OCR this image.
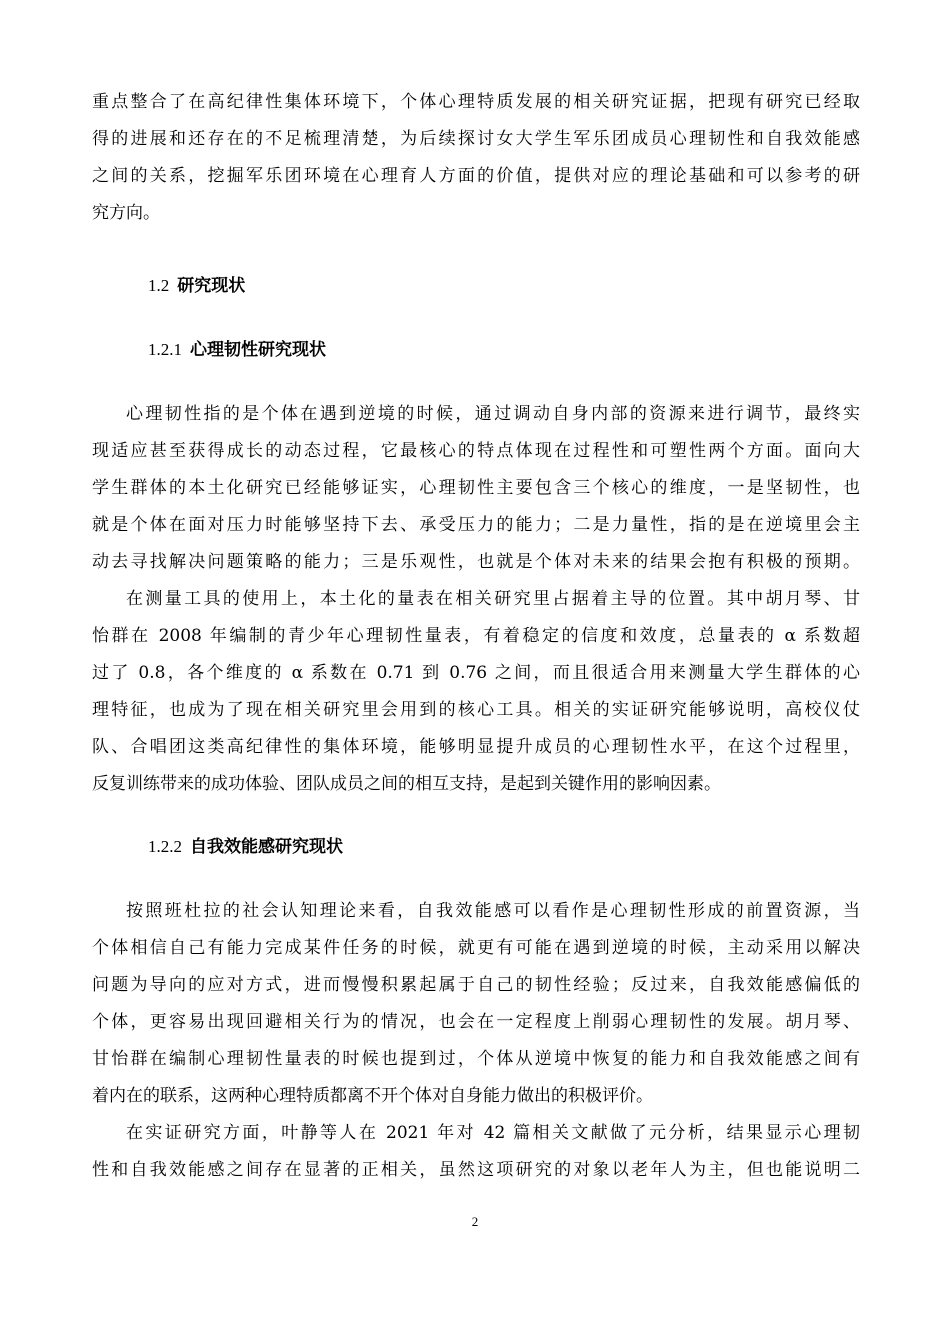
重点整合了在高纪律性集体环境下，个体心理特质发展的相关研究证据，把现有研究已经取
得的进展和还存在的不足梳理清楚，为后续探讨女大学生军乐团成员心理韧性和自我效能感
之间的关系，挖掘军乐团环境在心理育人方面的价值，提供对应的理论基础和可以参考的研
究方向。
1.2 研究现状
1.2.1 心理韧性研究现状
心理韧性指的是个体在遇到逆境的时候，通过调动自身内部的资源来进行调节，最终实
现适应甚至获得成长的动态过程，它最核心的特点体现在过程性和可塑性两个方面。面向大
学生群体的本土化研究已经能够证实，心理韧性主要包含三个核心的维度，一是坚韧性，也
就是个体在面对压力时能够坚持下去、承受压力的能力；二是力量性，指的是在逆境里会主
动去寻找解决问题策略的能力；三是乐观性，也就是个体对未来的结果会抱有积极的预期。
在测量工具的使用上，本土化的量表在相关研究里占据着主导的位置。其中胡月琴、甘
怡群在 2008 年编制的青少年心理韧性量表，有着稳定的信度和效度，总量表的 α 系数超
过了 0.8，各个维度的 α 系数在 0.71 到 0.76 之间，而且很适合用来测量大学生群体的心
理特征，也成为了现在相关研究里会用到的核心工具。相关的实证研究能够说明，高校仪仗
队、合唱团这类高纪律性的集体环境，能够明显提升成员的心理韧性水平，在这个过程里，
反复训练带来的成功体验、团队成员之间的相互支持，是起到关键作用的影响因素。
1.2.2 自我效能感研究现状
按照班杜拉的社会认知理论来看，自我效能感可以看作是心理韧性形成的前置资源，当
个体相信自己有能力完成某件任务的时候，就更有可能在遇到逆境的时候，主动采用以解决
问题为导向的应对方式，进而慢慢积累起属于自己的韧性经验；反过来，自我效能感偏低的
个体，更容易出现回避相关行为的情况，也会在一定程度上削弱心理韧性的发展。胡月琴、
甘怡群在编制心理韧性量表的时候也提到过，个体从逆境中恢复的能力和自我效能感之间有
着内在的联系，这两种心理特质都离不开个体对自身能力做出的积极评价。
在实证研究方面，叶静等人在 2021 年对 42 篇相关文献做了元分析，结果显示心理韧
性和自我效能感之间存在显著的正相关，虽然这项研究的对象以老年人为主，但也能说明二
2
